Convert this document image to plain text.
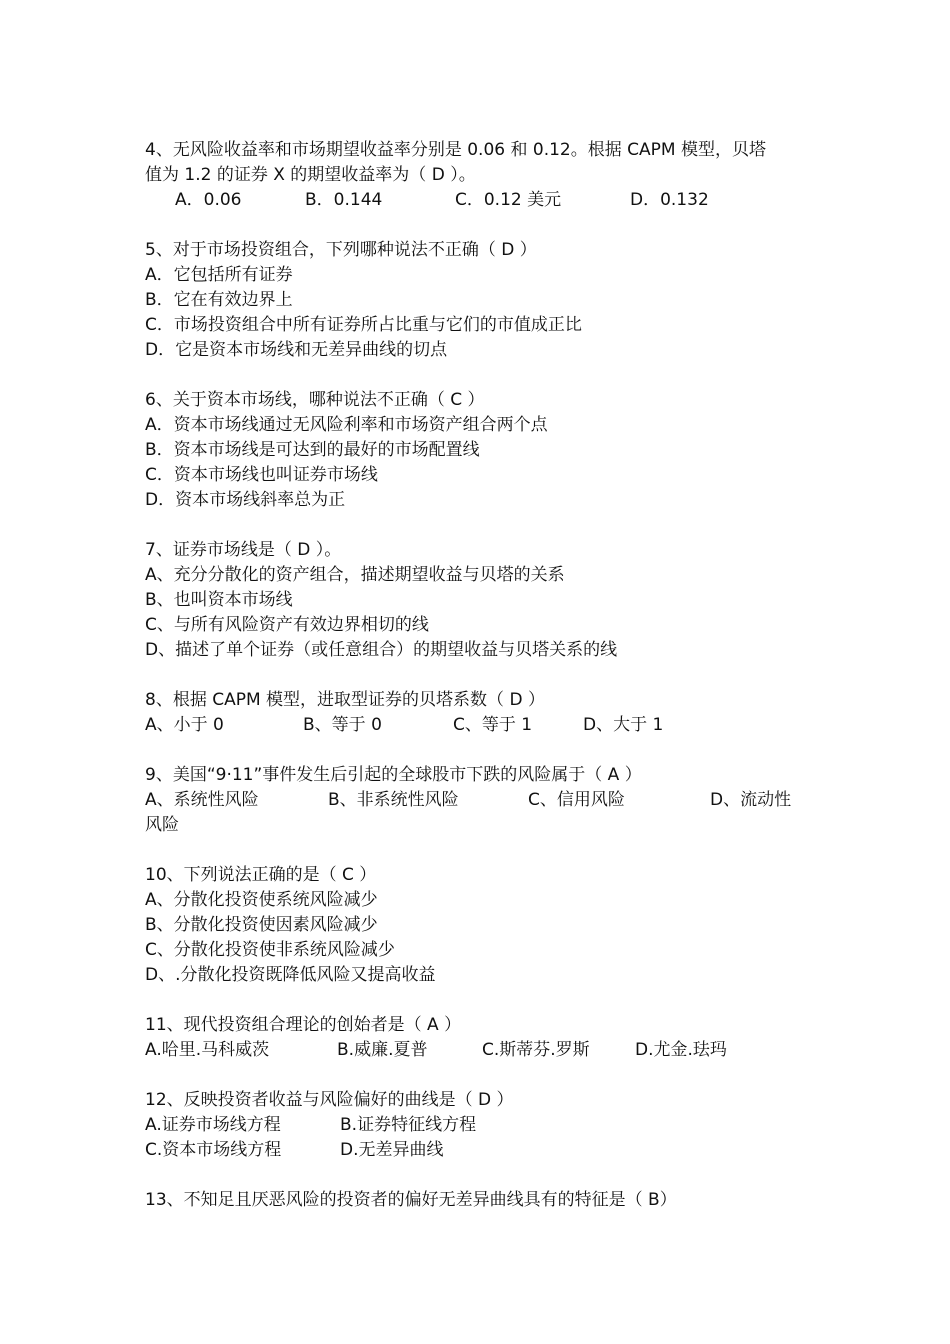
4、无风险收益率和市场期望收益率分别是 0.06 和 0.12。根据 CAPM 模型，贝塔
值为 1.2 的证券 X 的期望收益率为（ D ）。
A．0.06	B．0.144	C．0.12 美元	D．0.132
5、对于市场投资组合，下列哪种说法不正确（ D ）
A．它包括所有证券
B．它在有效边界上
C．市场投资组合中所有证券所占比重与它们的市值成正比
D．它是资本市场线和无差异曲线的切点
6、关于资本市场线，哪种说法不正确（ C ）
A．资本市场线通过无风险利率和市场资产组合两个点
B．资本市场线是可达到的最好的市场配置线
C．资本市场线也叫证券市场线
D．资本市场线斜率总为正
7、证券市场线是（ D ）。
A、充分分散化的资产组合，描述期望收益与贝塔的关系
B、也叫资本市场线
C、与所有风险资产有效边界相切的线
D、描述了单个证券（或任意组合）的期望收益与贝塔关系的线
8、根据 CAPM 模型，进取型证券的贝塔系数（ D ）
A、小于 0	B、等于 0	C、等于 1	D、大于 1
9、美国“9·11”事件发生后引起的全球股市下跌的风险属于（ A ）
A、系统性风险	B、非系统性风险	C、信用风险	D、流动性
风险
10、下列说法正确的是（ C ）
A、分散化投资使系统风险减少
B、分散化投资使因素风险减少
C、分散化投资使非系统风险减少
D、.分散化投资既降低风险又提高收益
11、现代投资组合理论的创始者是（ A ）
A.哈里.马科威茨	B.威廉.夏普	C.斯蒂芬.罗斯	D.尤金.珐玛
12、反映投资者收益与风险偏好的曲线是（ D ）
A.证券市场线方程	B.证券特征线方程
C.资本市场线方程	D.无差异曲线
13、不知足且厌恶风险的投资者的偏好无差异曲线具有的特征是（ B）
